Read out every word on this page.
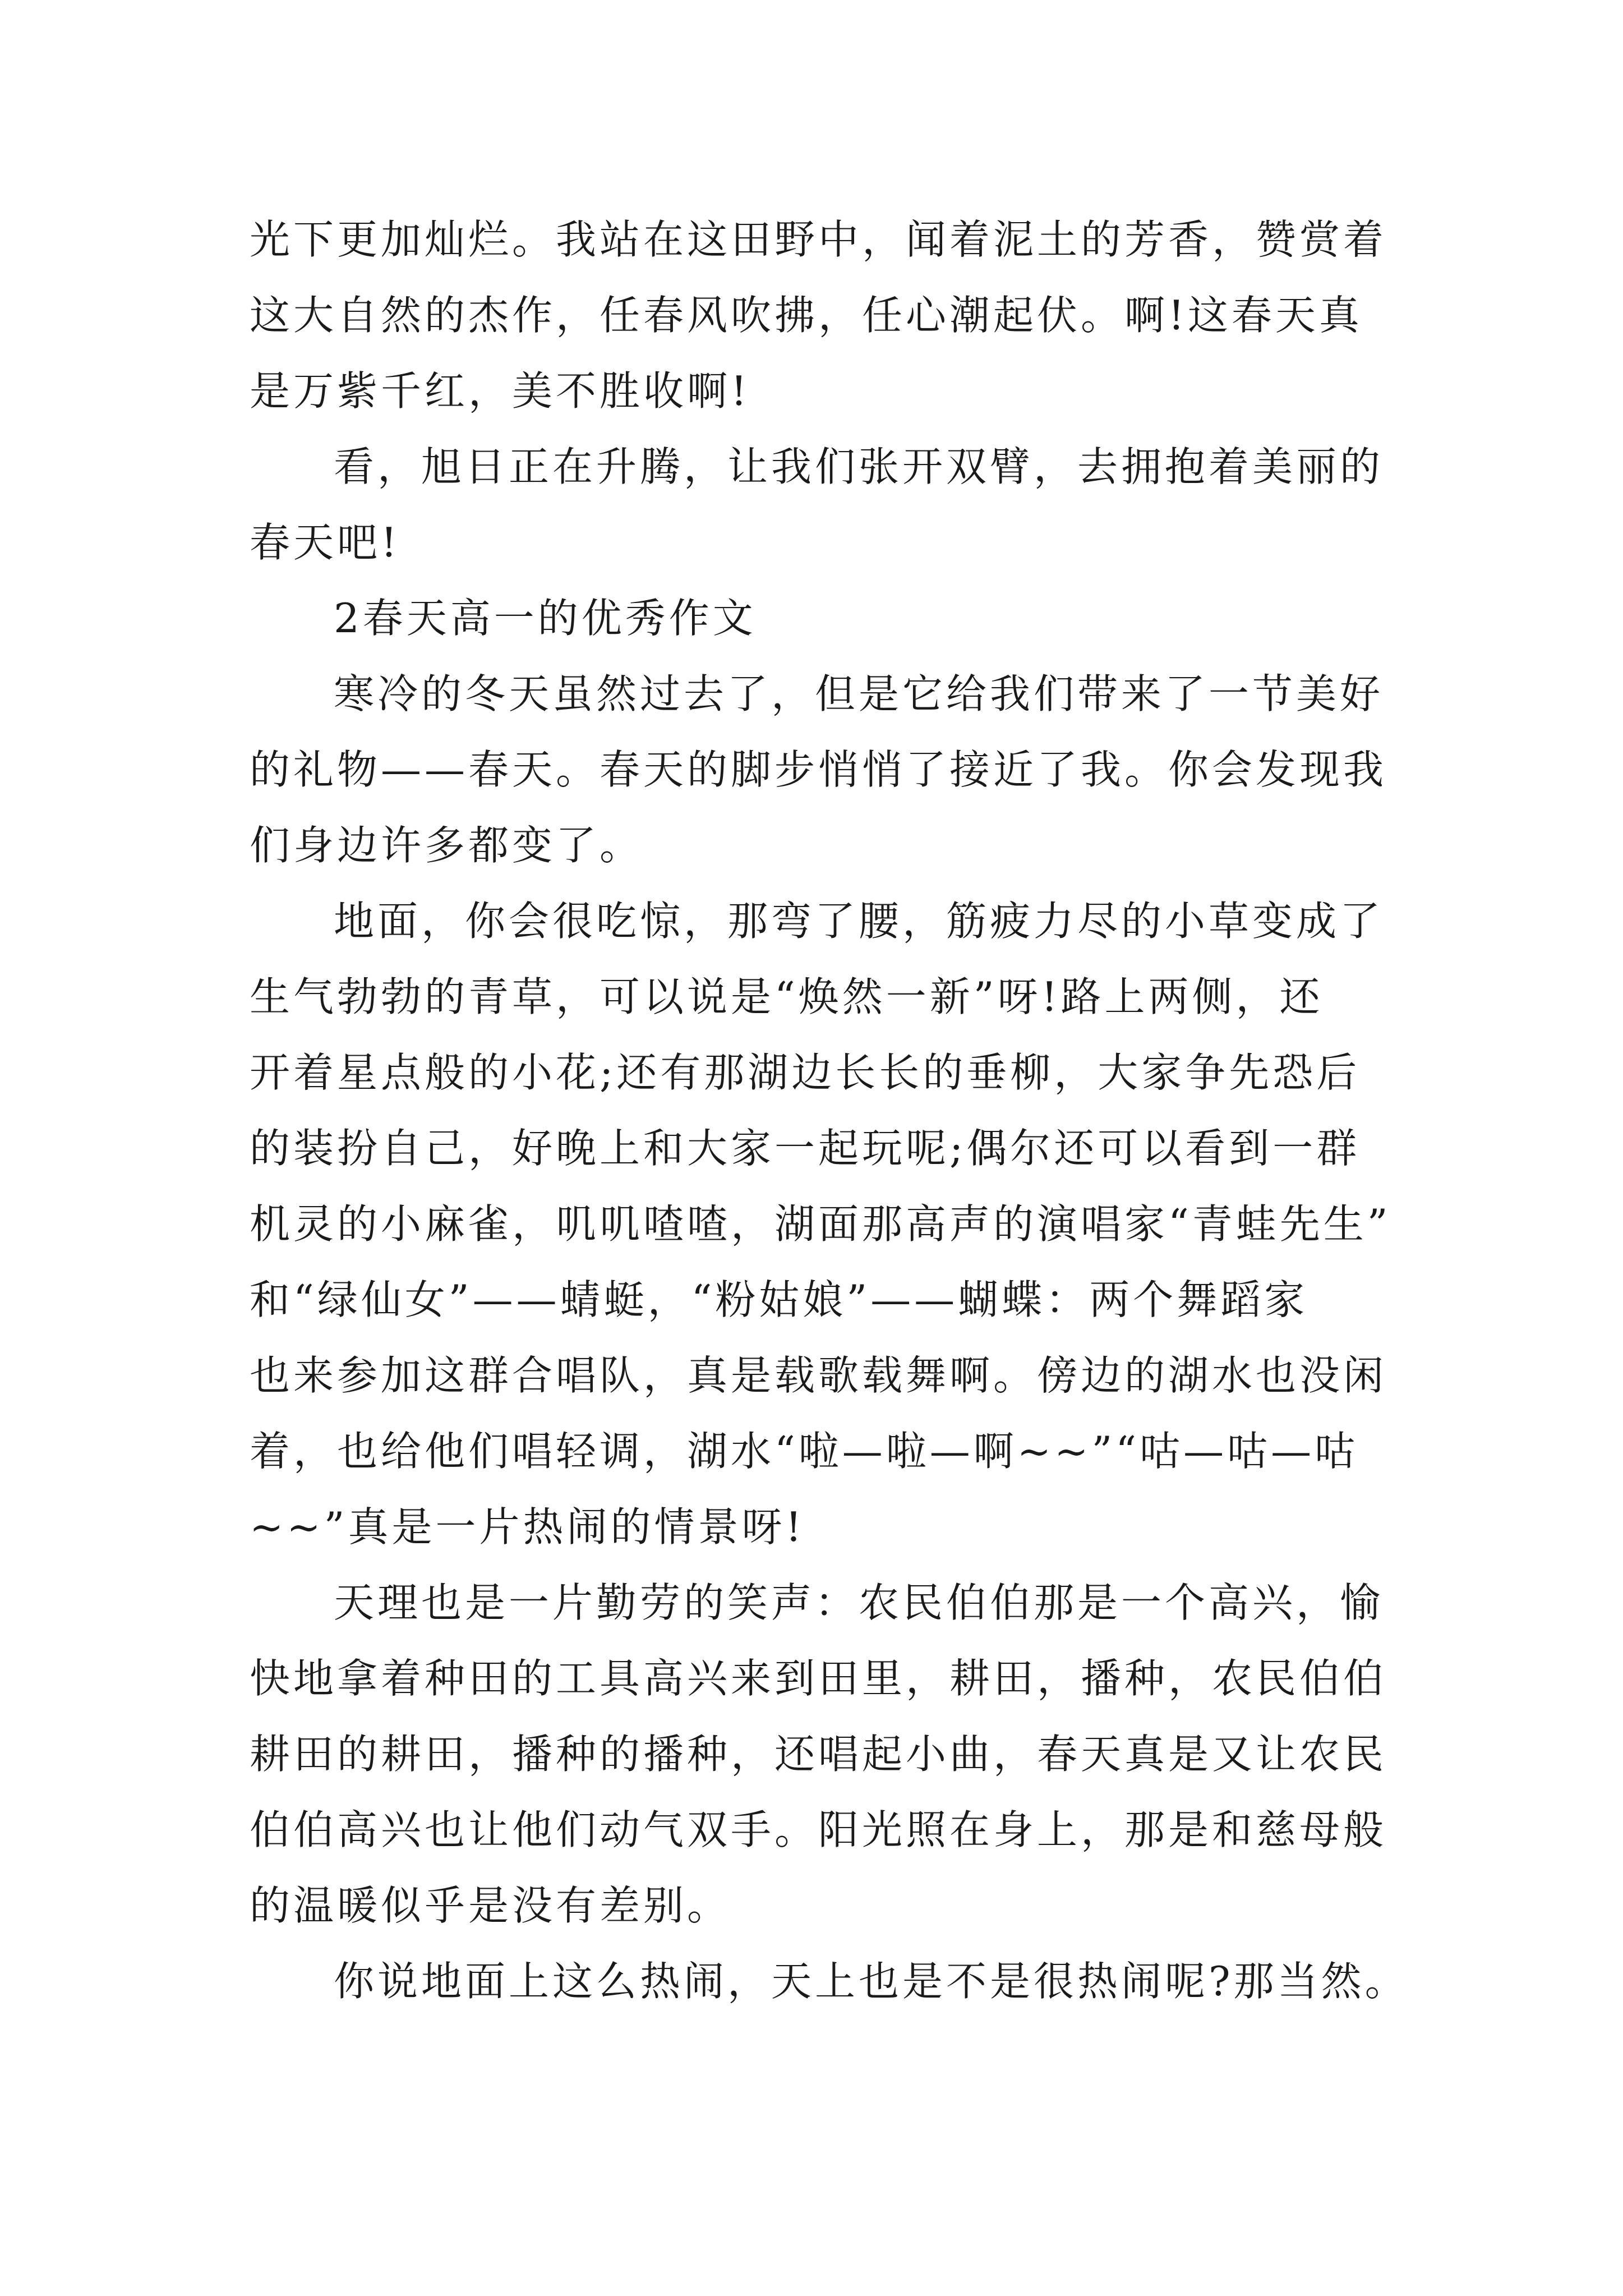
光下更加灿烂。我站在这田野中，闻着泥土的芳香，赞赏着
这大自然的杰作，任春风吹拂，任心潮起伏。啊!这春天真
是万紫千红，美不胜收啊!
看，旭日正在升腾，让我们张开双臂，去拥抱着美丽的
春天吧!
2春天高一的优秀作文
寒冷的冬天虽然过去了，但是它给我们带来了一节美好
的礼物——春天。春天的脚步悄悄了接近了我。你会发现我
们身边许多都变了。
地面，你会很吃惊，那弯了腰，筋疲力尽的小草变成了
生气勃勃的青草，可以说是“焕然一新”呀!路上两侧，还
开着星点般的小花;还有那湖边长长的垂柳，大家争先恐后
的装扮自己，好晚上和大家一起玩呢;偶尔还可以看到一群
机灵的小麻雀，叽叽喳喳，湖面那高声的演唱家“青蛙先生”
和“绿仙女”——蜻蜓，“粉姑娘”——蝴蝶：两个舞蹈家
也来参加这群合唱队，真是载歌载舞啊。傍边的湖水也没闲
着，也给他们唱轻调，湖水“啦—啦—啊~~”“咕—咕—咕
~~”真是一片热闹的情景呀!
天理也是一片勤劳的笑声：农民伯伯那是一个高兴，愉
快地拿着种田的工具高兴来到田里，耕田，播种，农民伯伯
耕田的耕田，播种的播种，还唱起小曲，春天真是又让农民
伯伯高兴也让他们动气双手。阳光照在身上，那是和慈母般
的温暖似乎是没有差别。
你说地面上这么热闹，天上也是不是很热闹呢?那当然。
